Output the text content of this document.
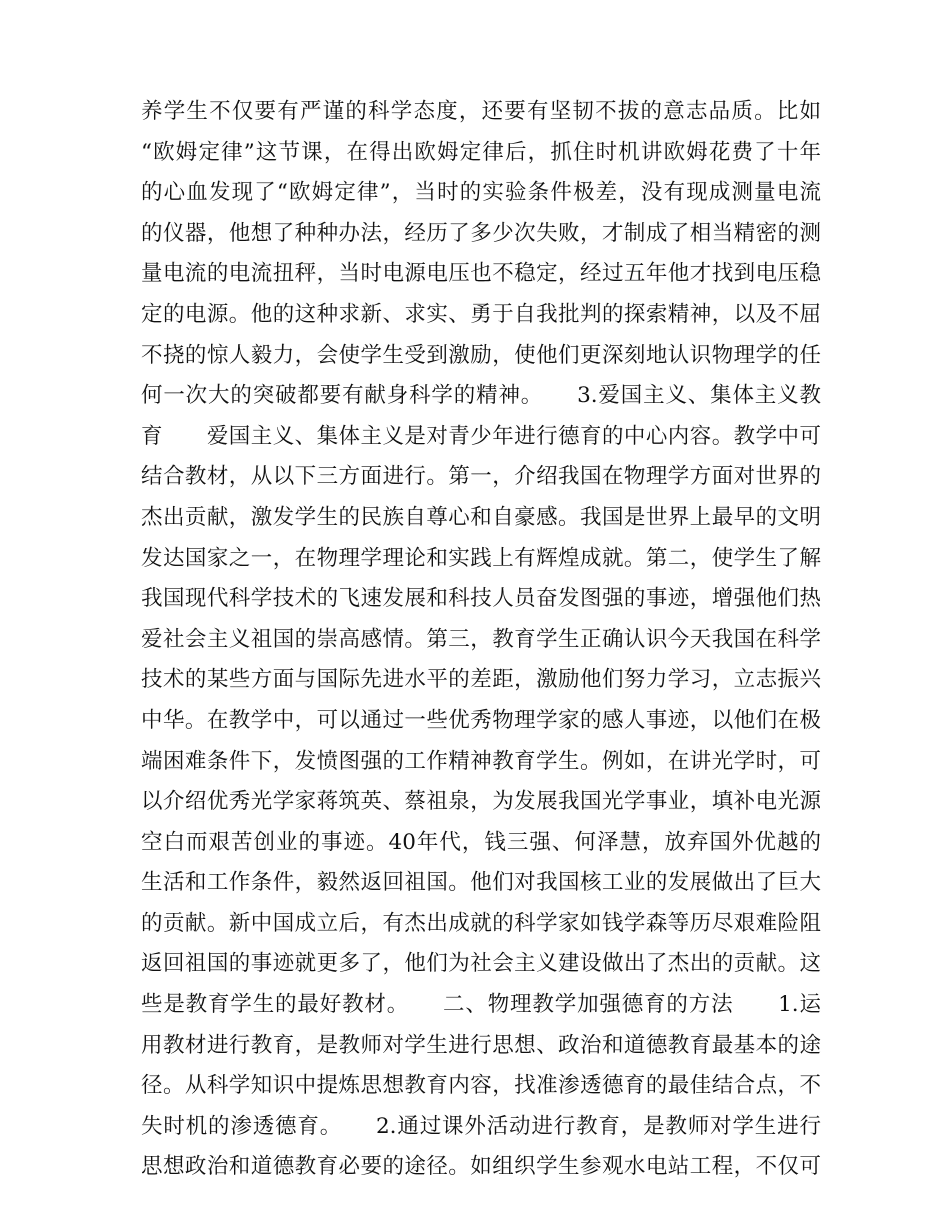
养学生不仅要有严谨的科学态度，还要有坚韧不拔的意志品质。比如
“欧姆定律”这节课，在得出欧姆定律后，抓住时机讲欧姆花费了十年
的心血发现了“欧姆定律”，当时的实验条件极差，没有现成测量电流
的仪器，他想了种种办法，经历了多少次失败，才制成了相当精密的测
量电流的电流扭秤，当时电源电压也不稳定，经过五年他才找到电压稳
定的电源。他的这种求新、求实、勇于自我批判的探索精神，以及不屈
不挠的惊人毅力，会使学生受到激励，使他们更深刻地认识物理学的任
何一次大的突破都要有献身科学的精神。　　3.爱国主义、集体主义教
育　　爱国主义、集体主义是对青少年进行德育的中心内容。教学中可
结合教材，从以下三方面进行。第一，介绍我国在物理学方面对世界的
杰出贡献，激发学生的民族自尊心和自豪感。我国是世界上最早的文明
发达国家之一，在物理学理论和实践上有辉煌成就。第二，使学生了解
我国现代科学技术的飞速发展和科技人员奋发图强的事迹，增强他们热
爱社会主义祖国的崇高感情。第三，教育学生正确认识今天我国在科学
技术的某些方面与国际先进水平的差距，激励他们努力学习，立志振兴
中华。在教学中，可以通过一些优秀物理学家的感人事迹，以他们在极
端困难条件下，发愤图强的工作精神教育学生。例如，在讲光学时，可
以介绍优秀光学家蒋筑英、蔡祖泉，为发展我国光学事业，填补电光源
空白而艰苦创业的事迹。40年代，钱三强、何泽慧，放弃国外优越的
生活和工作条件，毅然返回祖国。他们对我国核工业的发展做出了巨大
的贡献。新中国成立后，有杰出成就的科学家如钱学森等历尽艰难险阻
返回祖国的事迹就更多了，他们为社会主义建设做出了杰出的贡献。这
些是教育学生的最好教材。　　二、物理教学加强德育的方法　　1.运
用教材进行教育，是教师对学生进行思想、政治和道德教育最基本的途
径。从科学知识中提炼思想教育内容，找准渗透德育的最佳结合点，不
失时机的渗透德育。　　2.通过课外活动进行教育，是教师对学生进行
思想政治和道德教育必要的途径。如组织学生参观水电站工程，不仅可
